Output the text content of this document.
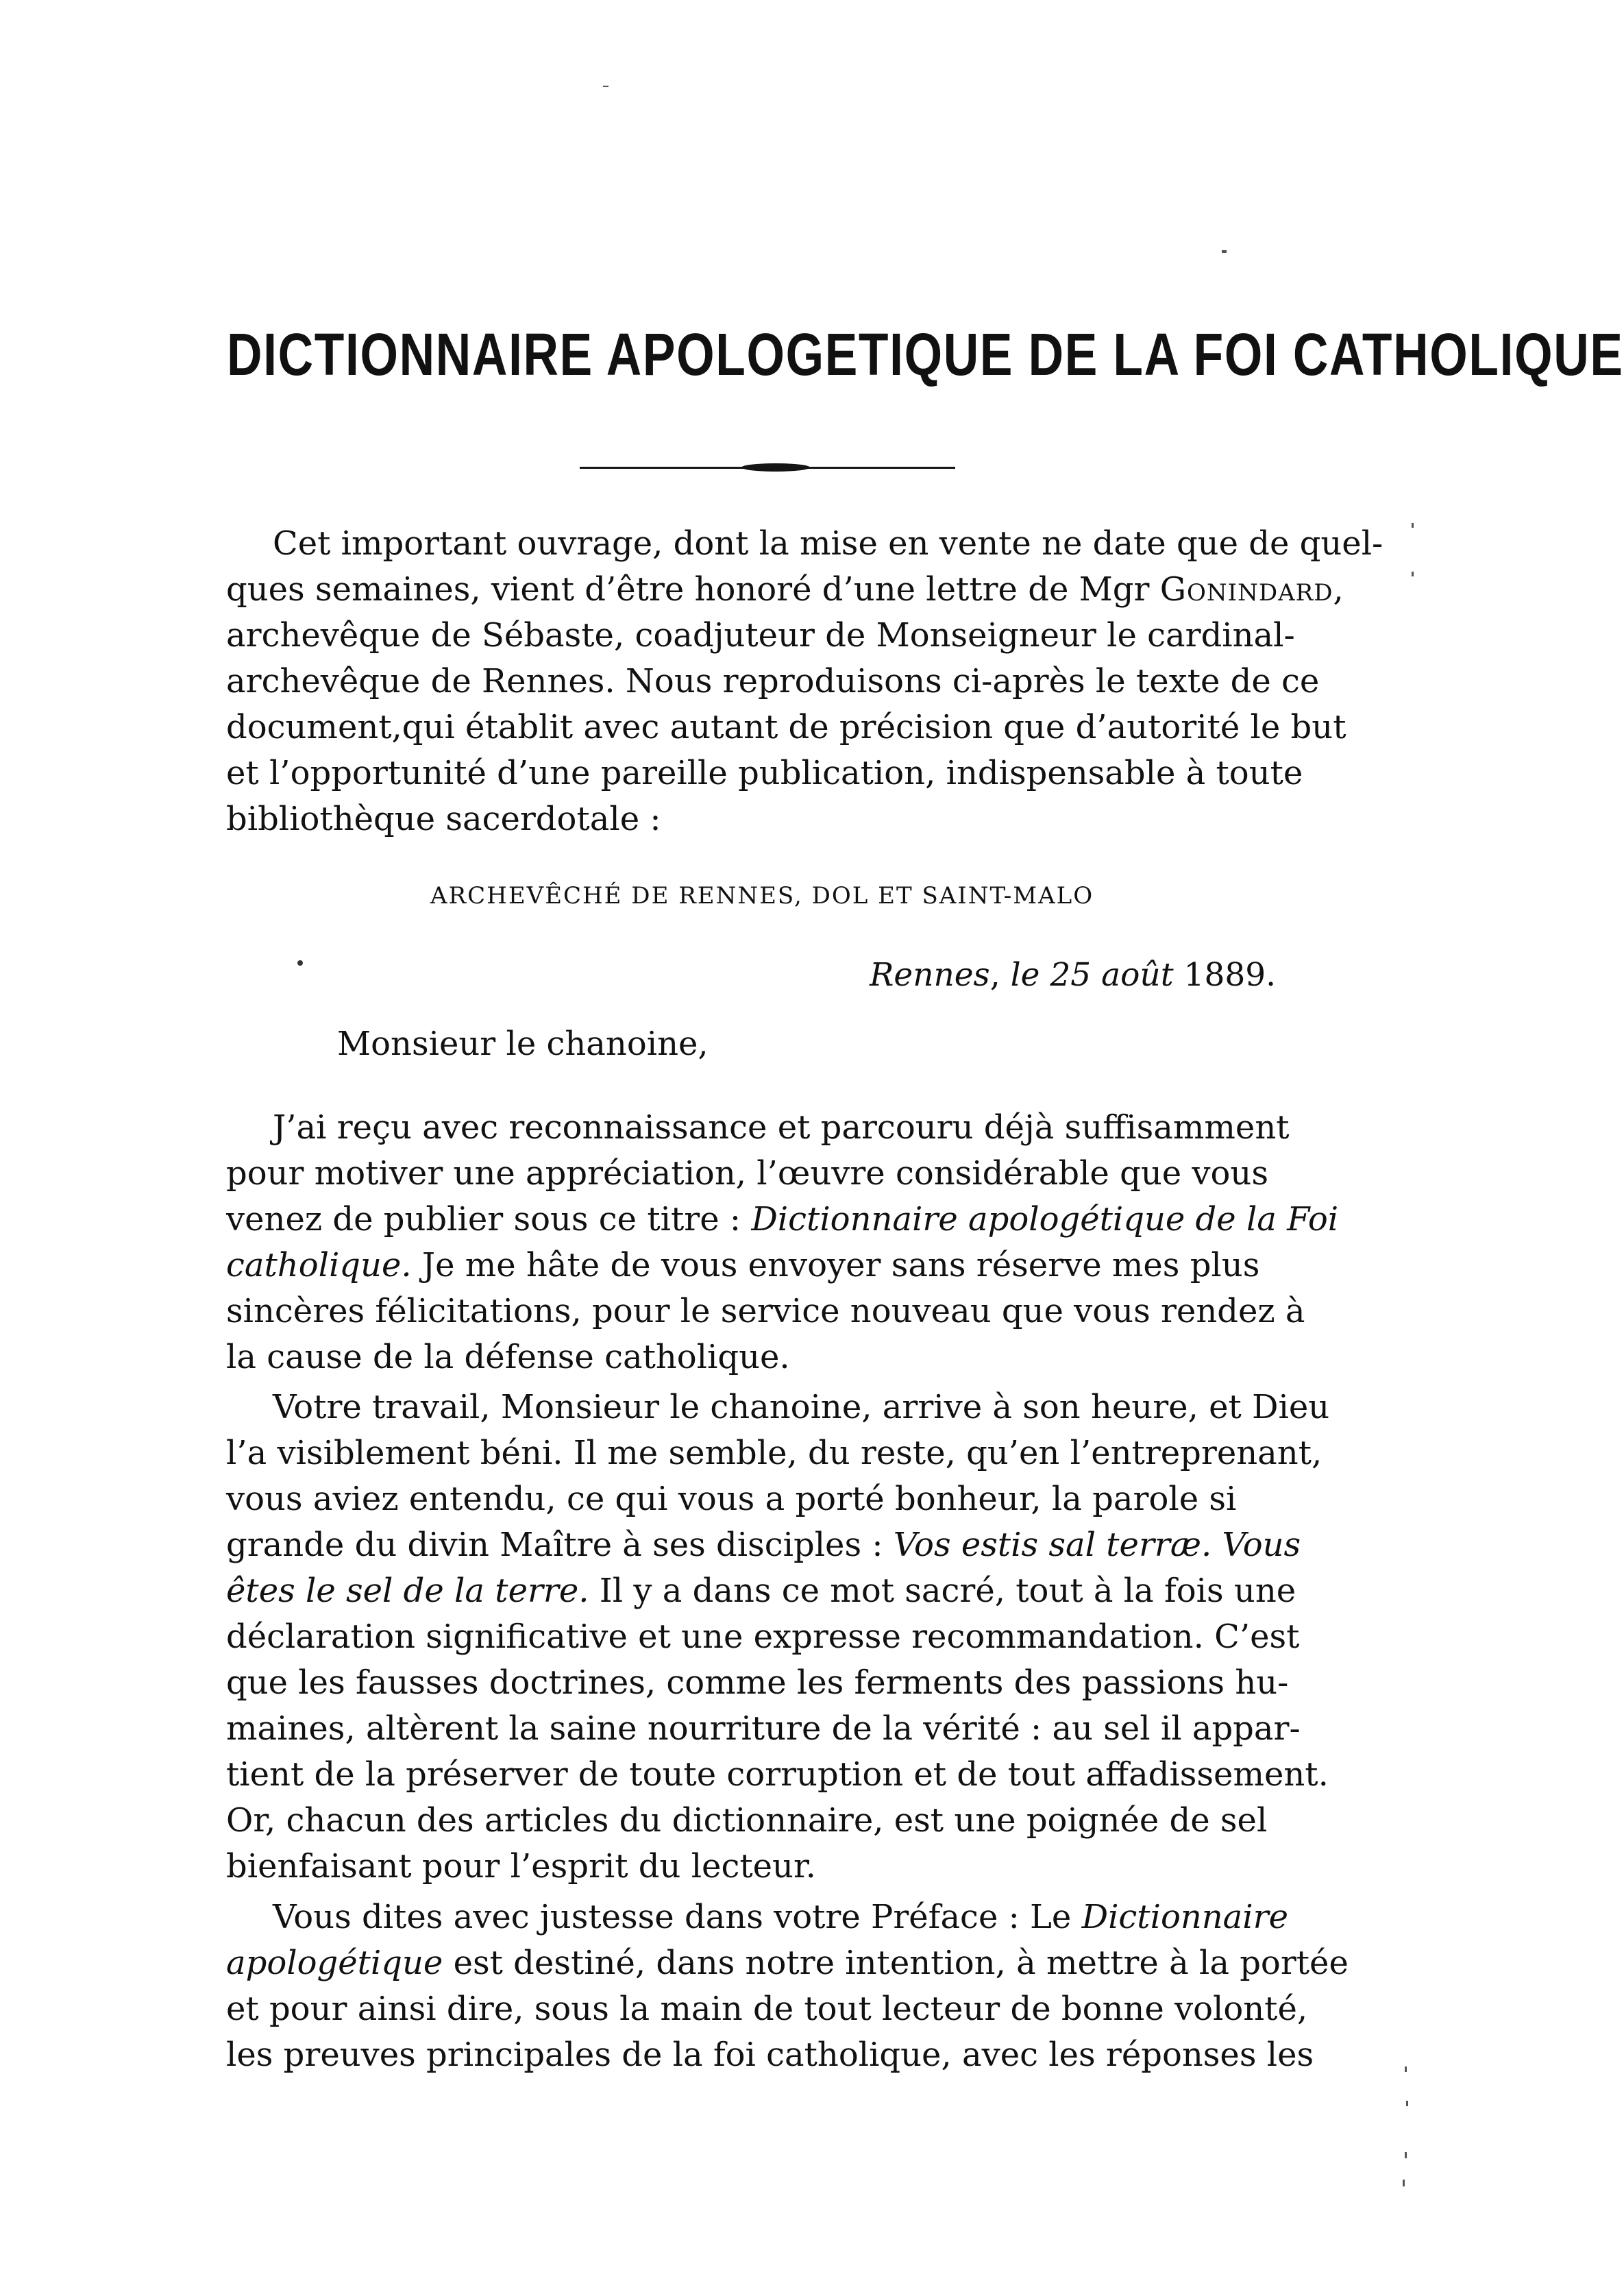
DICTIONNAIRE APOLOGETIQUE DE LA FOI CATHOLIQUE
Cet important ouvrage, dont la mise en vente ne date que de quel-
ques semaines, vient d’être honoré d’une lettre de Mgr Gonindard,
archevêque de Sébaste, coadjuteur de Monseigneur le cardinal-
archevêque de Rennes. Nous reproduisons ci-après le texte de ce
document,qui établit avec autant de précision que d’autorité le but
et l’opportunité d’une pareille publication, indispensable à toute
bibliothèque sacerdotale :
ARCHEVÊCHÉ DE RENNES, DOL ET SAINT-MALO
Rennes, le 25 août 1889.
Monsieur le chanoine,
J’ai reçu avec reconnaissance et parcouru déjà suffisamment
pour motiver une appréciation, l’œuvre considérable que vous
venez de publier sous ce titre : Dictionnaire apologétique de la Foi
catholique. Je me hâte de vous envoyer sans réserve mes plus
sincères félicitations, pour le service nouveau que vous rendez à
la cause de la défense catholique.
Votre travail, Monsieur le chanoine, arrive à son heure, et Dieu
l’a visiblement béni. Il me semble, du reste, qu’en l’entreprenant,
vous aviez entendu, ce qui vous a porté bonheur, la parole si
grande du divin Maître à ses disciples : Vos estis sal terræ. Vous
êtes le sel de la terre. Il y a dans ce mot sacré, tout à la fois une
déclaration significative et une expresse recommandation. C’est
que les fausses doctrines, comme les ferments des passions hu-
maines, altèrent la saine nourriture de la vérité : au sel il appar-
tient de la préserver de toute corruption et de tout affadissement.
Or, chacun des articles du dictionnaire, est une poignée de sel
bienfaisant pour l’esprit du lecteur.
Vous dites avec justesse dans votre Préface : Le Dictionnaire
apologétique est destiné, dans notre intention, à mettre à la portée
et pour ainsi dire, sous la main de tout lecteur de bonne volonté,
les preuves principales de la foi catholique, avec les réponses les
